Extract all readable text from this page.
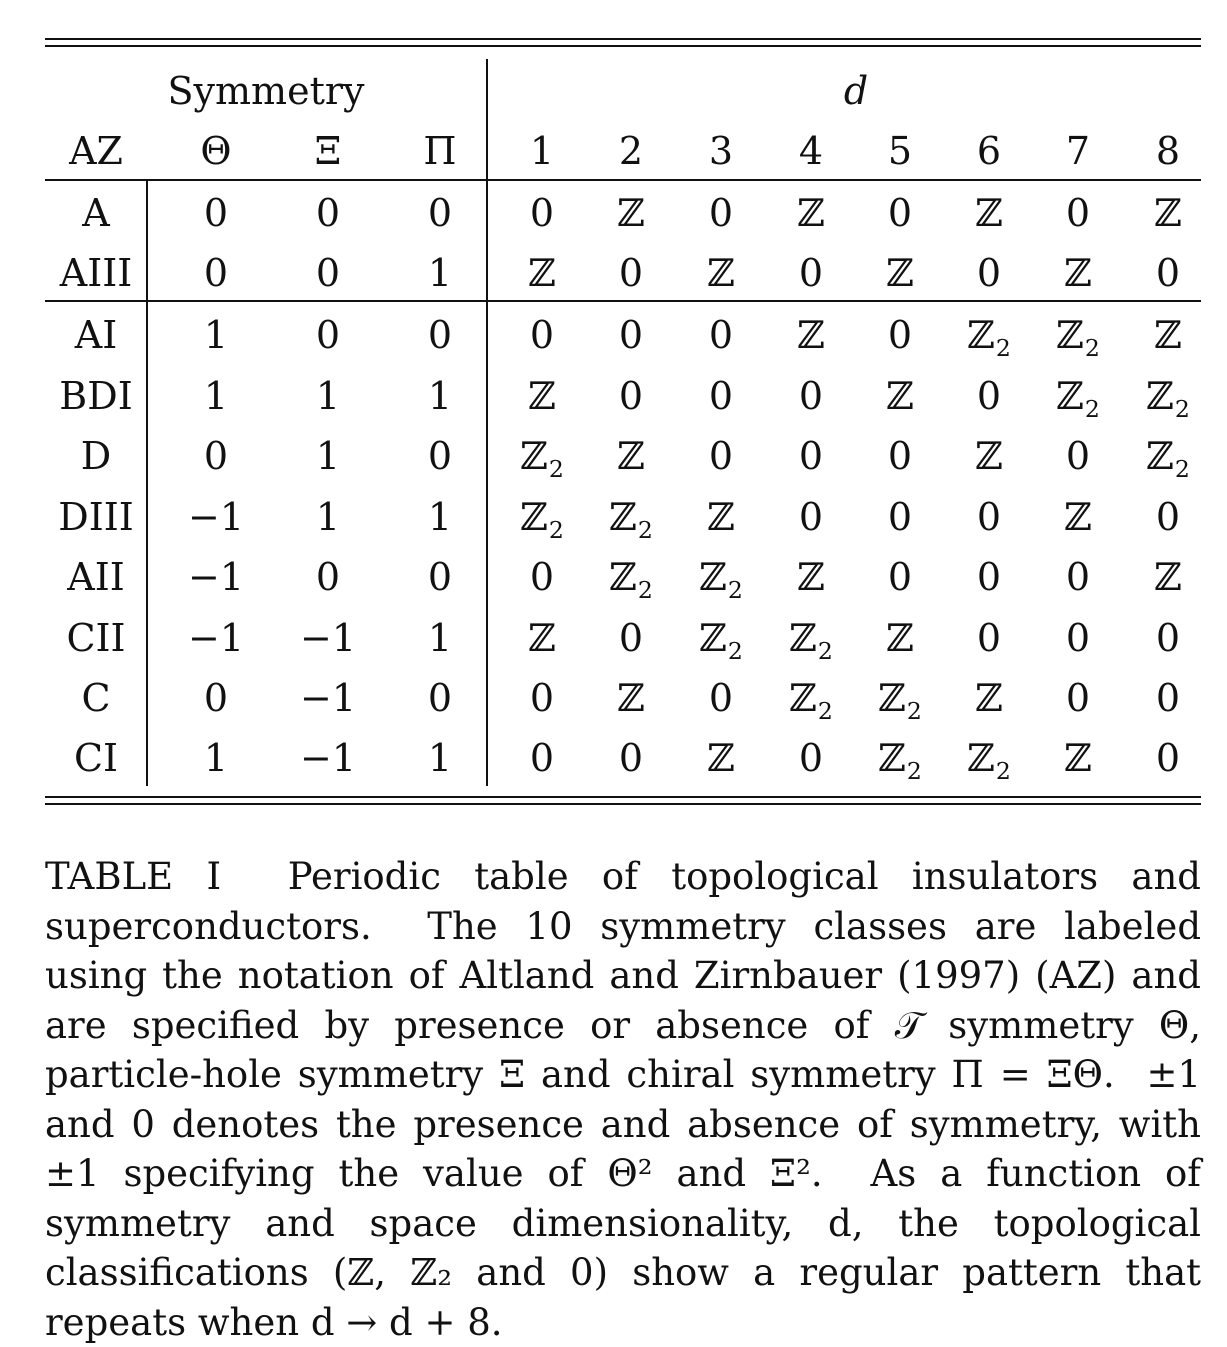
Symmetry	d
AZ	Θ	Ξ	Π	1	2	3	4	5	6	7	8
A	0	0	0	0	ℤ	0	ℤ	0	ℤ	0	ℤ
AIII	0	0	1	ℤ	0	ℤ	0	ℤ	0	ℤ	0
AI	1	0	0	0	0	0	ℤ	0	ℤ$_2$	ℤ$_2$	ℤ
BDI	1	1	1	ℤ	0	0	0	ℤ	0	ℤ$_2$	ℤ$_2$
D	0	1	0	ℤ$_2$	ℤ	0	0	0	ℤ	0	ℤ$_2$
DIII	−1	1	1	ℤ$_2$	ℤ$_2$	ℤ	0	0	0	ℤ	0
AII	−1	0	0	0	ℤ$_2$	ℤ$_2$	ℤ	0	0	0	ℤ
CII	−1	−1	1	ℤ	0	ℤ$_2$	ℤ$_2$	ℤ	0	0	0
C	0	−1	0	0	ℤ	0	ℤ$_2$	ℤ$_2$	ℤ	0	0
CI	1	−1	1	0	0	ℤ	0	ℤ$_2$	ℤ$_2$	ℤ	0
TABLE I  Periodic table of topological insulators and superconductors.  The 10 symmetry classes are labeled using the notation of Altland and Zirnbauer (1997) (AZ) and are specified by presence or absence of 𝒯 symmetry Θ, particle-hole symmetry Ξ and chiral symmetry Π = ΞΘ.  ±1 and 0 denotes the presence and absence of symmetry, with ±1 specifying the value of Θ² and Ξ².  As a function of symmetry and space dimensionality, d, the topological classifications (ℤ, ℤ₂ and 0) show a regular pattern that repeats when d → d + 8.
